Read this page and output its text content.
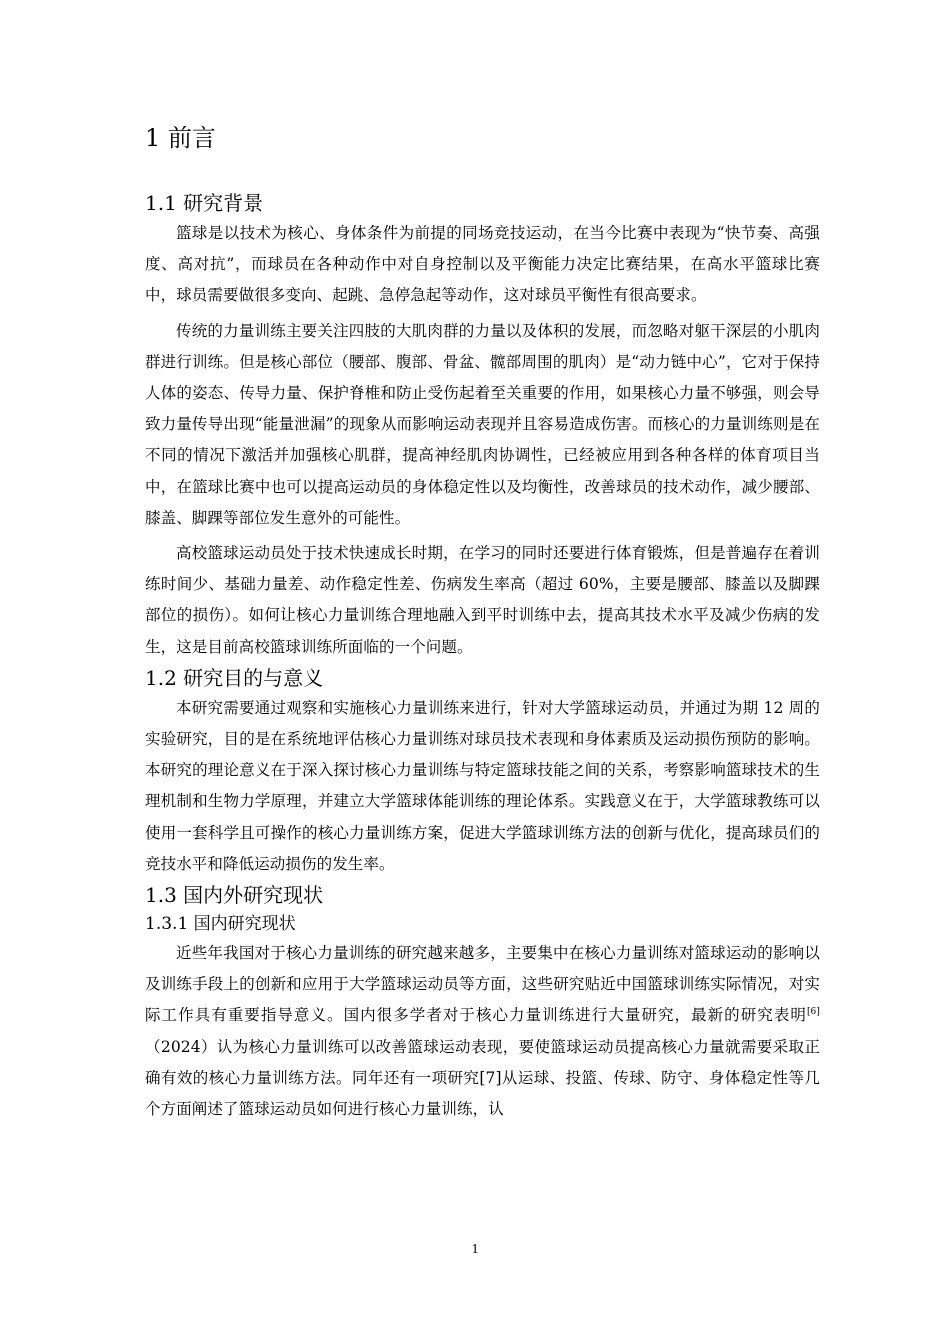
1 前言
1.1 研究背景

篮球是以技术为核心、身体条件为前提的同场竞技运动，在当今比赛中表现为“快节奏、高强度、高对抗”，而球员在各种动作中对自身控制以及平衡能力决定比赛结果，在高水平篮球比赛中，球员需要做很多变向、起跳、急停急起等动作，这对球员平衡性有很高要求。

传统的力量训练主要关注四肢的大肌肉群的力量以及体积的发展，而忽略对躯干深层的小肌肉群进行训练。但是核心部位（腰部、腹部、骨盆、髋部周围的肌肉）是“动力链中心”，它对于保持人体的姿态、传导力量、保护脊椎和防止受伤起着至关重要的作用，如果核心力量不够强，则会导致力量传导出现“能量泄漏”的现象从而影响运动表现并且容易造成伤害。而核心的力量训练则是在不同的情况下激活并加强核心肌群，提高神经肌肉协调性，已经被应用到各种各样的体育项目当中，在篮球比赛中也可以提高运动员的身体稳定性以及均衡性，改善球员的技术动作，减少腰部、膝盖、脚踝等部位发生意外的可能性。

高校篮球运动员处于技术快速成长时期，在学习的同时还要进行体育锻炼，但是普遍存在着训练时间少、基础力量差、动作稳定性差、伤病发生率高（超过 60%，主要是腰部、膝盖以及脚踝部位的损伤）。如何让核心力量训练合理地融入到平时训练中去，提高其技术水平及减少伤病的发生，这是目前高校篮球训练所面临的一个问题。

1.2 研究目的与意义

本研究需要通过观察和实施核心力量训练来进行，针对大学篮球运动员，并通过为期 12 周的实验研究，目的是在系统地评估核心力量训练对球员技术表现和身体素质及运动损伤预防的影响。本研究的理论意义在于深入探讨核心力量训练与特定篮球技能之间的关系，考察影响篮球技术的生理机制和生物力学原理，并建立大学篮球体能训练的理论体系。实践意义在于，大学篮球教练可以使用一套科学且可操作的核心力量训练方案，促进大学篮球训练方法的创新与优化，提高球员们的竞技水平和降低运动损伤的发生率。

1.3 国内外研究现状
1.3.1 国内研究现状

近些年我国对于核心力量训练的研究越来越多，主要集中在核心力量训练对篮球运动的影响以及训练手段上的创新和应用于大学篮球运动员等方面，这些研究贴近中国篮球训练实际情况，对实际工作具有重要指导意义。国内很多学者对于核心力量训练进行大量研究，最新的研究表明[6]（2024）认为核心力量训练可以改善篮球运动表现，要使篮球运动员提高核心力量就需要采取正确有效的核心力量训练方法。同年还有一项研究[7]从运球、投篮、传球、防守、身体稳定性等几个方面阐述了篮球运动员如何进行核心力量训练，认

1
